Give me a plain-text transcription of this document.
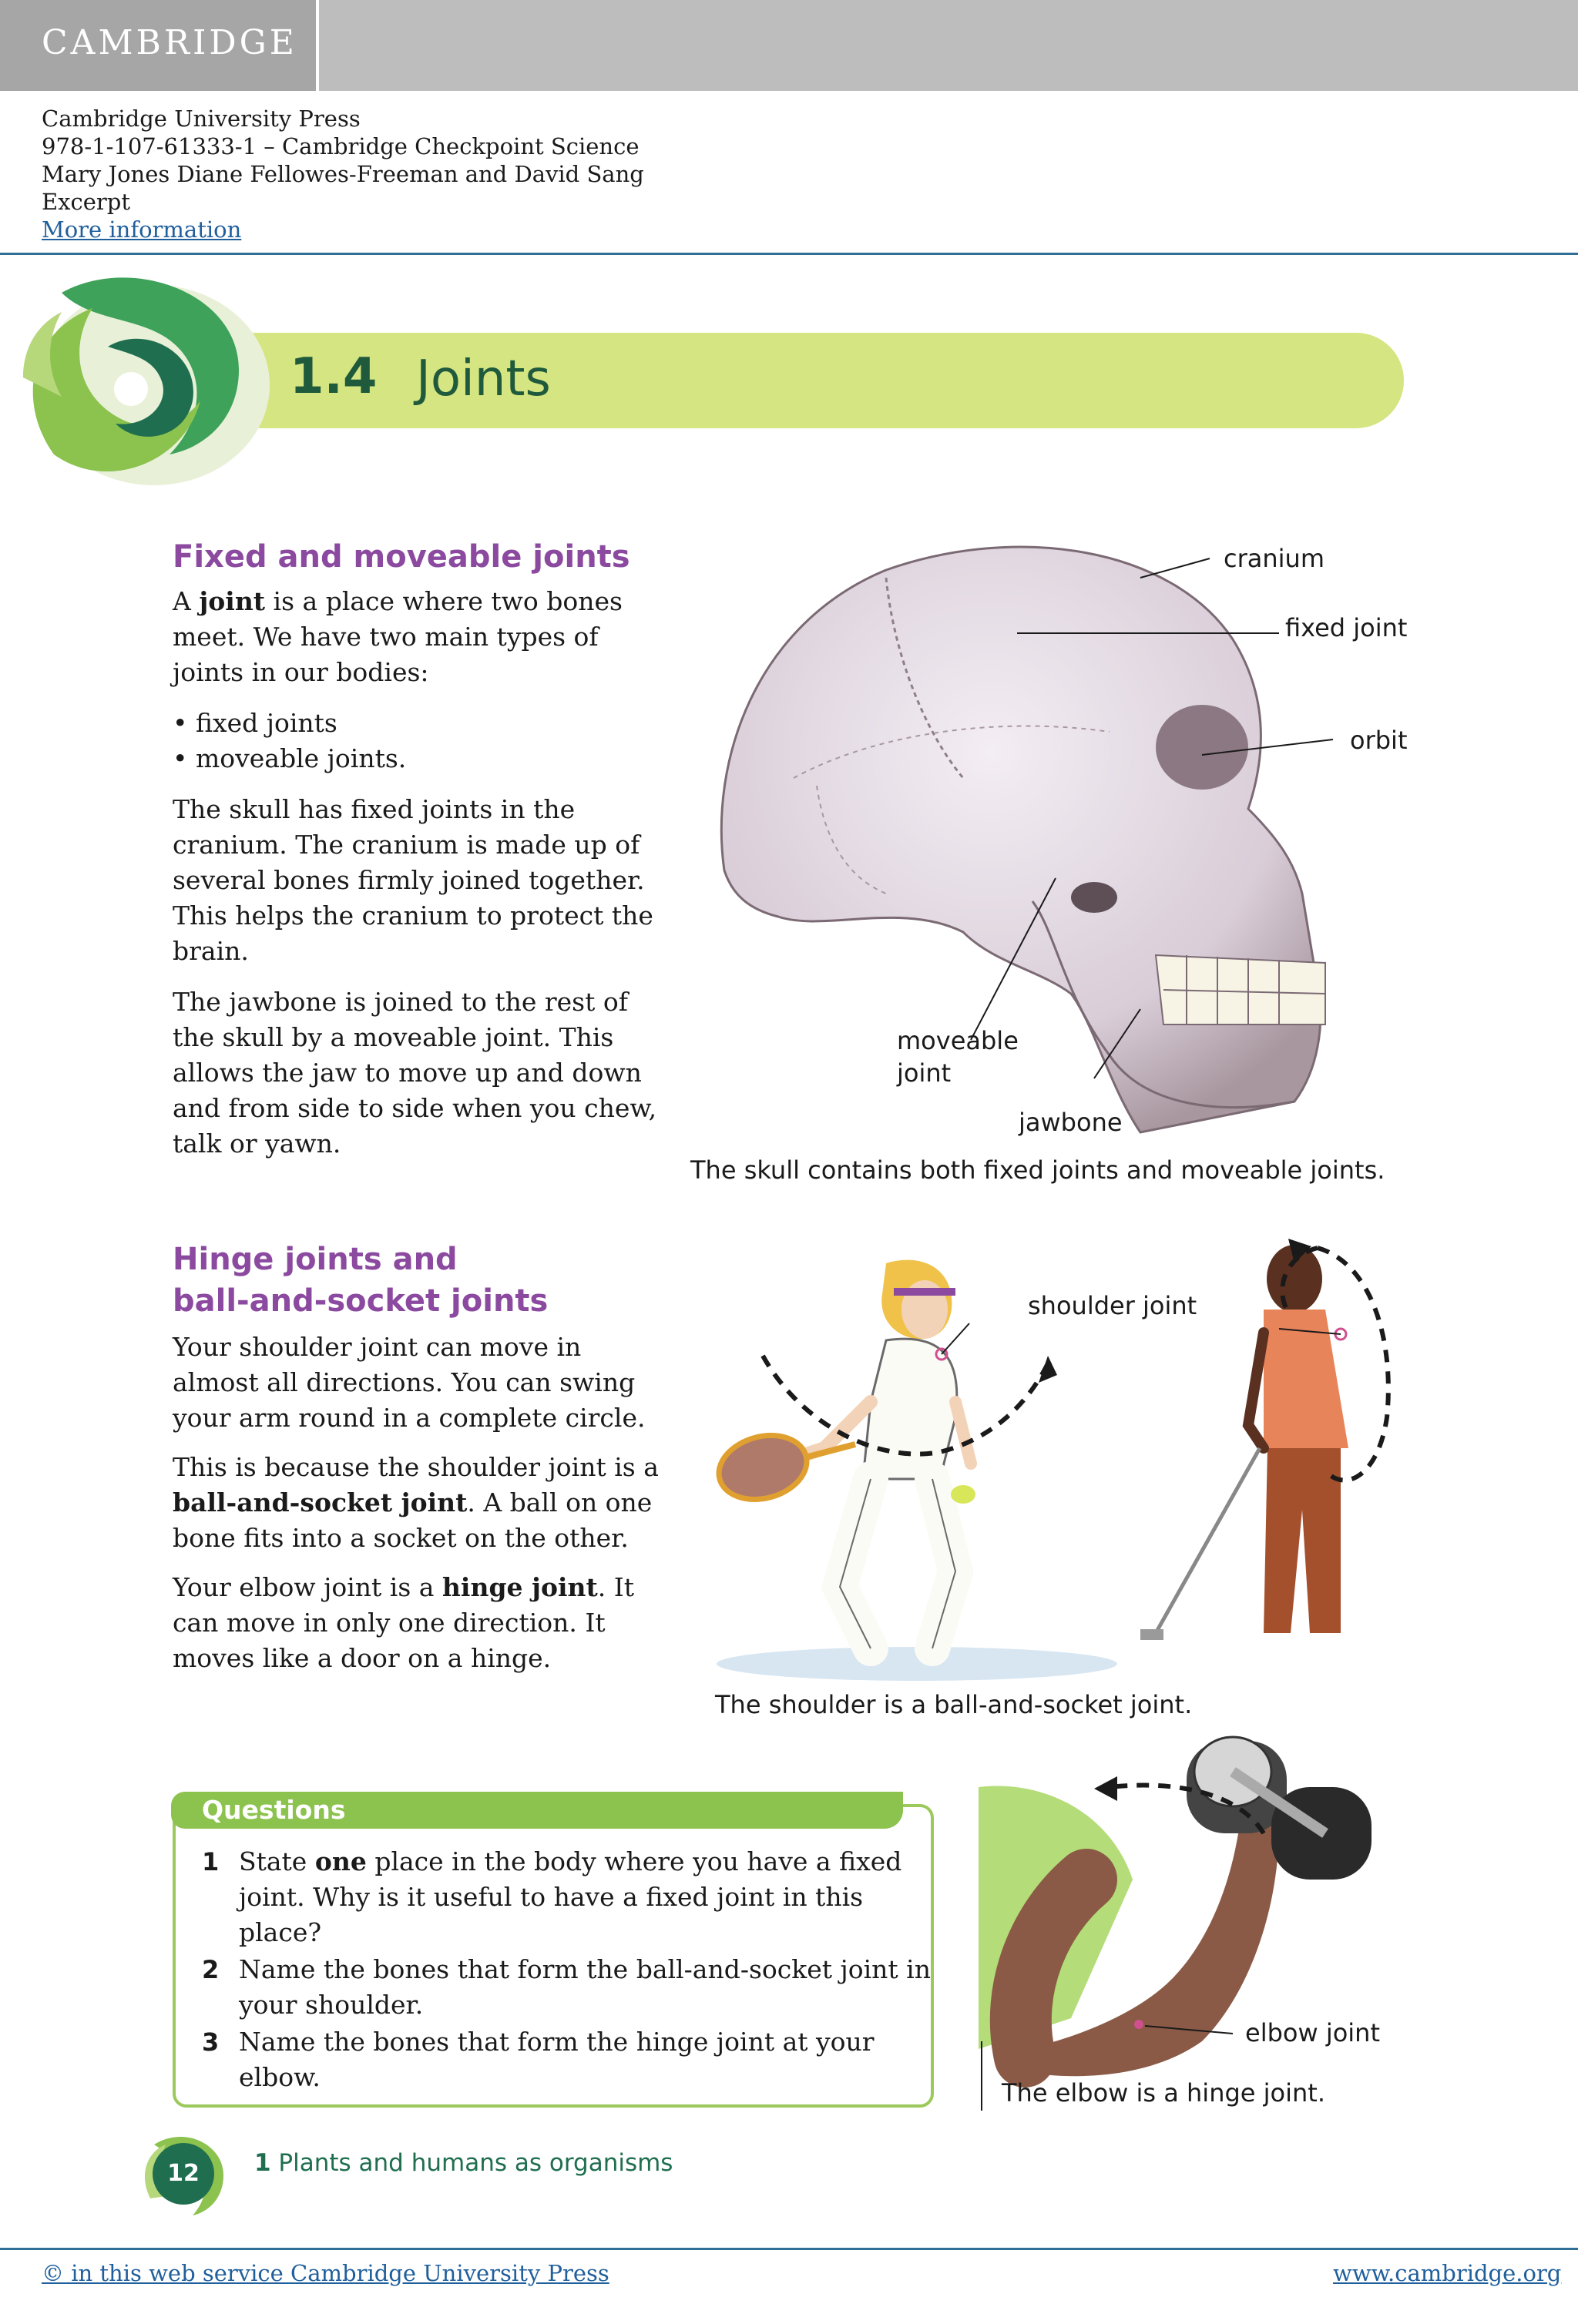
CAMBRIDGE
Cambridge University Press
978-1-107-61333-1 – Cambridge Checkpoint Science
Mary Jones Diane Fellowes-Freeman and David Sang
Excerpt
More information
1.4 Joints
Fixed and moveable joints
A joint is a place where two bones meet. We have two main types of joints in our bodies:
• fixed joints
• moveable joints.
The skull has fixed joints in the cranium. The cranium is made up of several bones firmly joined together. This helps the cranium to protect the brain.
The jawbone is joined to the rest of the skull by a moveable joint. This allows the jaw to move up and down and from side to side when you chew, talk or yawn.
cranium
fixed joint
orbit
moveable
joint
jawbone
The skull contains both fixed joints and moveable joints.
Hinge joints and
ball-and-socket joints
Your shoulder joint can move in almost all directions. You can swing your arm round in a complete circle.
This is because the shoulder joint is a ball-and-socket joint. A ball on one bone fits into a socket on the other.
Your elbow joint is a hinge joint. It can move in only one direction. It moves like a door on a hinge.
shoulder joint
The shoulder is a ball-and-socket joint.
Questions
1 State one place in the body where you have a fixed joint. Why is it useful to have a fixed joint in this place?
2 Name the bones that form the ball-and-socket joint in your shoulder.
3 Name the bones that form the hinge joint at your elbow.
elbow joint
The elbow is a hinge joint.
12	1 Plants and humans as organisms
© in this web service Cambridge University Press	www.cambridge.org
